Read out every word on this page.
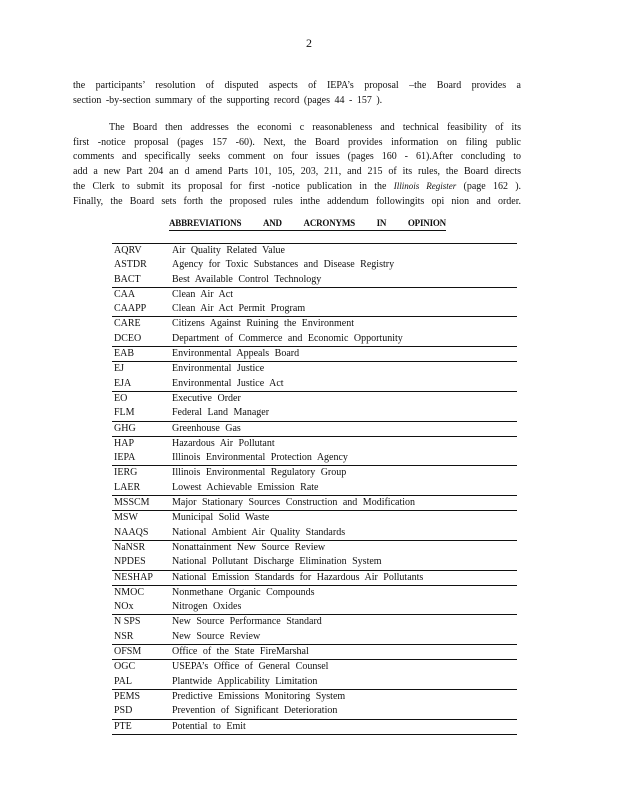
2
the participants’ resolution of disputed aspects of IEPA’s proposal –the Board provides a
section -by-section summary of the supporting record (pages 44 - 157 ).
The Board then addresses the economi c reasonableness and technical feasibility of its
first -notice proposal (pages 157 -60). Next, the Board provides information on filing public
comments and specifically seeks comment on four issues (pages 160 - 61).After concluding to
add a new Part 204 an d amend Parts 101, 105, 203, 211, and 215 of its rules, the Board directs
the Clerk to submit its proposal for first -notice publication in the Illinois Register (page 162 ).
Finally, the Board sets forth the proposed rules inthe addendum followingits opi nion and order.
ABBREVIATIONS AND ACRONYMS IN OPINION
AQRV	Air Quality Related Value
ASTDR	Agency for Toxic Substances and Disease Registry
BACT	Best Available Control Technology
CAA	Clean Air Act
CAAPP	Clean Air Act Permit Program
CARE	Citizens Against Ruining the Environment
DCEO	Department of Commerce and Economic Opportunity
EAB	Environmental Appeals Board
EJ	Environmental Justice
EJA	Environmental Justice Act
EO	Executive Order
FLM	Federal Land Manager
GHG	Greenhouse Gas
HAP	Hazardous Air Pollutant
IEPA	Illinois Environmental Protection Agency
IERG	Illinois Environmental Regulatory Group
LAER	Lowest Achievable Emission Rate
MSSCM	Major Stationary Sources Construction and Modification
MSW	Municipal Solid Waste
NAAQS	National Ambient Air Quality Standards
NaNSR	Nonattainment New Source Review
NPDES	National Pollutant Discharge Elimination System
NESHAP	National Emission Standards for Hazardous Air Pollutants
NMOC	Nonmethane Organic Compounds
NOx	Nitrogen Oxides
N SPS	New Source Performance Standard
NSR	New Source Review
OFSM	Office of the State FireMarshal
OGC	USEPA’s Office of General Counsel
PAL	Plantwide Applicability Limitation
PEMS	Predictive Emissions Monitoring System
PSD	Prevention of Significant Deterioration
PTE	Potential to Emit
